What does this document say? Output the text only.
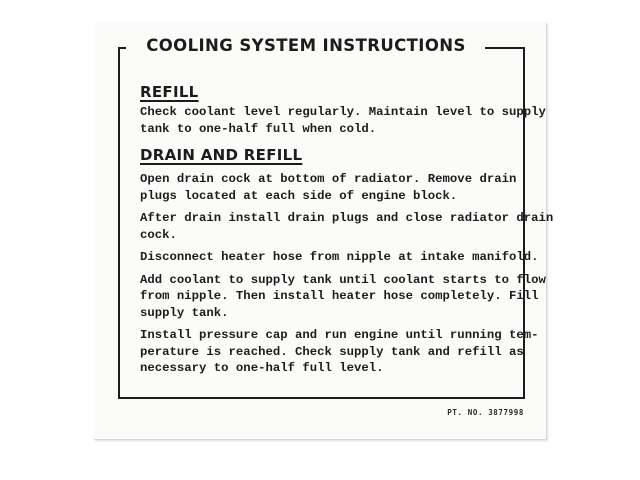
COOLING SYSTEM INSTRUCTIONS
REFILL

Check coolant level regularly. Maintain level to supply
tank to one-half full when cold.

DRAIN AND REFILL

Open drain cock at bottom of radiator. Remove drain
plugs located at each side of engine block.

After drain install drain plugs and close radiator drain
cock.

Disconnect heater hose from nipple at intake manifold.

Add coolant to supply tank until coolant starts to flow
from nipple. Then install heater hose completely. Fill
supply tank.

Install pressure cap and run engine until running tem-
perature is reached. Check supply tank and refill as
necessary to one-half full level.

PT. NO. 3877998
